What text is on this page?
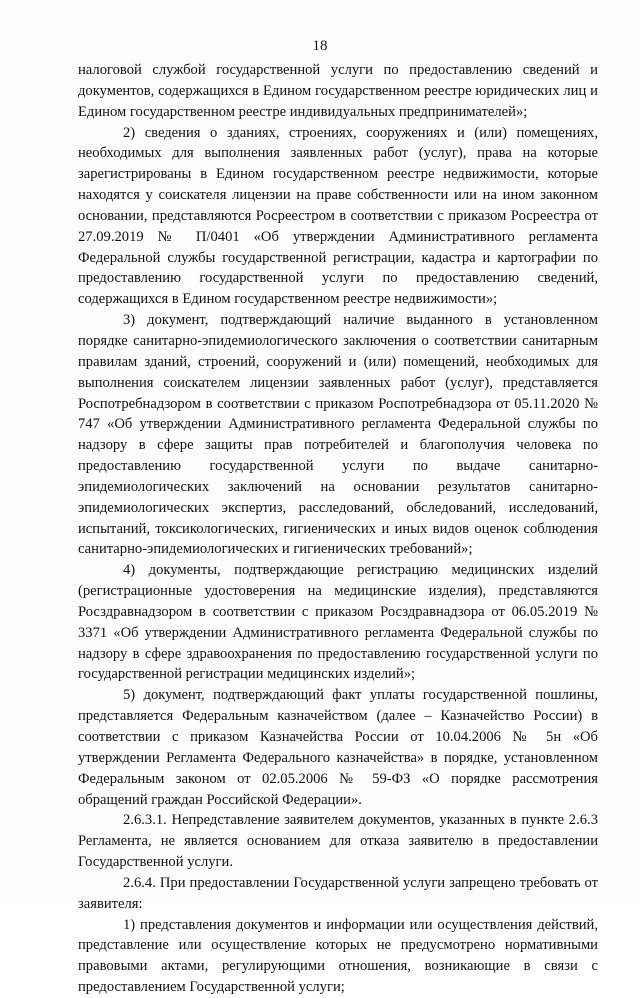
18

налоговой службой государственной услуги по предоставлению сведений и документов, содержащихся в Едином государственном реестре юридических лиц и Едином государственном реестре индивидуальных предпринимателей»;

2) сведения о зданиях, строениях, сооружениях и (или) помещениях, необходимых для выполнения заявленных работ (услуг), права на которые зарегистрированы в Едином государственном реестре недвижимости, которые находятся у соискателя лицензии на праве собственности или на ином законном основании, представляются Росреестром в соответствии с приказом Росреестра от 27.09.2019 № П/0401 «Об утверждении Административного регламента Федеральной службы государственной регистрации, кадастра и картографии по предоставлению государственной услуги по предоставлению сведений, содержащихся в Едином государственном реестре недвижимости»;

3) документ, подтверждающий наличие выданного в установленном порядке санитарно-эпидемиологического заключения о соответствии санитарным правилам зданий, строений, сооружений и (или) помещений, необходимых для выполнения соискателем лицензии заявленных работ (услуг), представляется Роспотребнадзором в соответствии с приказом Роспотребнадзора от 05.11.2020 № 747 «Об утверждении Административного регламента Федеральной службы по надзору в сфере защиты прав потребителей и благополучия человека по предоставлению государственной услуги по выдаче санитарно-эпидемиологических заключений на основании результатов санитарно-эпидемиологических экспертиз, расследований, обследований, исследований, испытаний, токсикологических, гигиенических и иных видов оценок соблюдения санитарно-эпидемиологических и гигиенических требований»;

4) документы, подтверждающие регистрацию медицинских изделий (регистрационные удостоверения на медицинские изделия), представляются Росздравнадзором в соответствии с приказом Росздравнадзора от 06.05.2019 № 3371 «Об утверждении Административного регламента Федеральной службы по надзору в сфере здравоохранения по предоставлению государственной услуги по государственной регистрации медицинских изделий»;

5) документ, подтверждающий факт уплаты государственной пошлины, представляется Федеральным казначейством (далее – Казначейство России) в соответствии с приказом Казначейства России от 10.04.2006 № 5н «Об утверждении Регламента Федерального казначейства» в порядке, установленном Федеральным законом от 02.05.2006 № 59-ФЗ «О порядке рассмотрения обращений граждан Российской Федерации».

2.6.3.1. Непредставление заявителем документов, указанных в пункте 2.6.3 Регламента, не является основанием для отказа заявителю в предоставлении Государственной услуги.

2.6.4. При предоставлении Государственной услуги запрещено требовать от заявителя:

1) представления документов и информации или осуществления действий, представление или осуществление которых не предусмотрено нормативными правовыми актами, регулирующими отношения, возникающие в связи с предоставлением Государственной услуги;
